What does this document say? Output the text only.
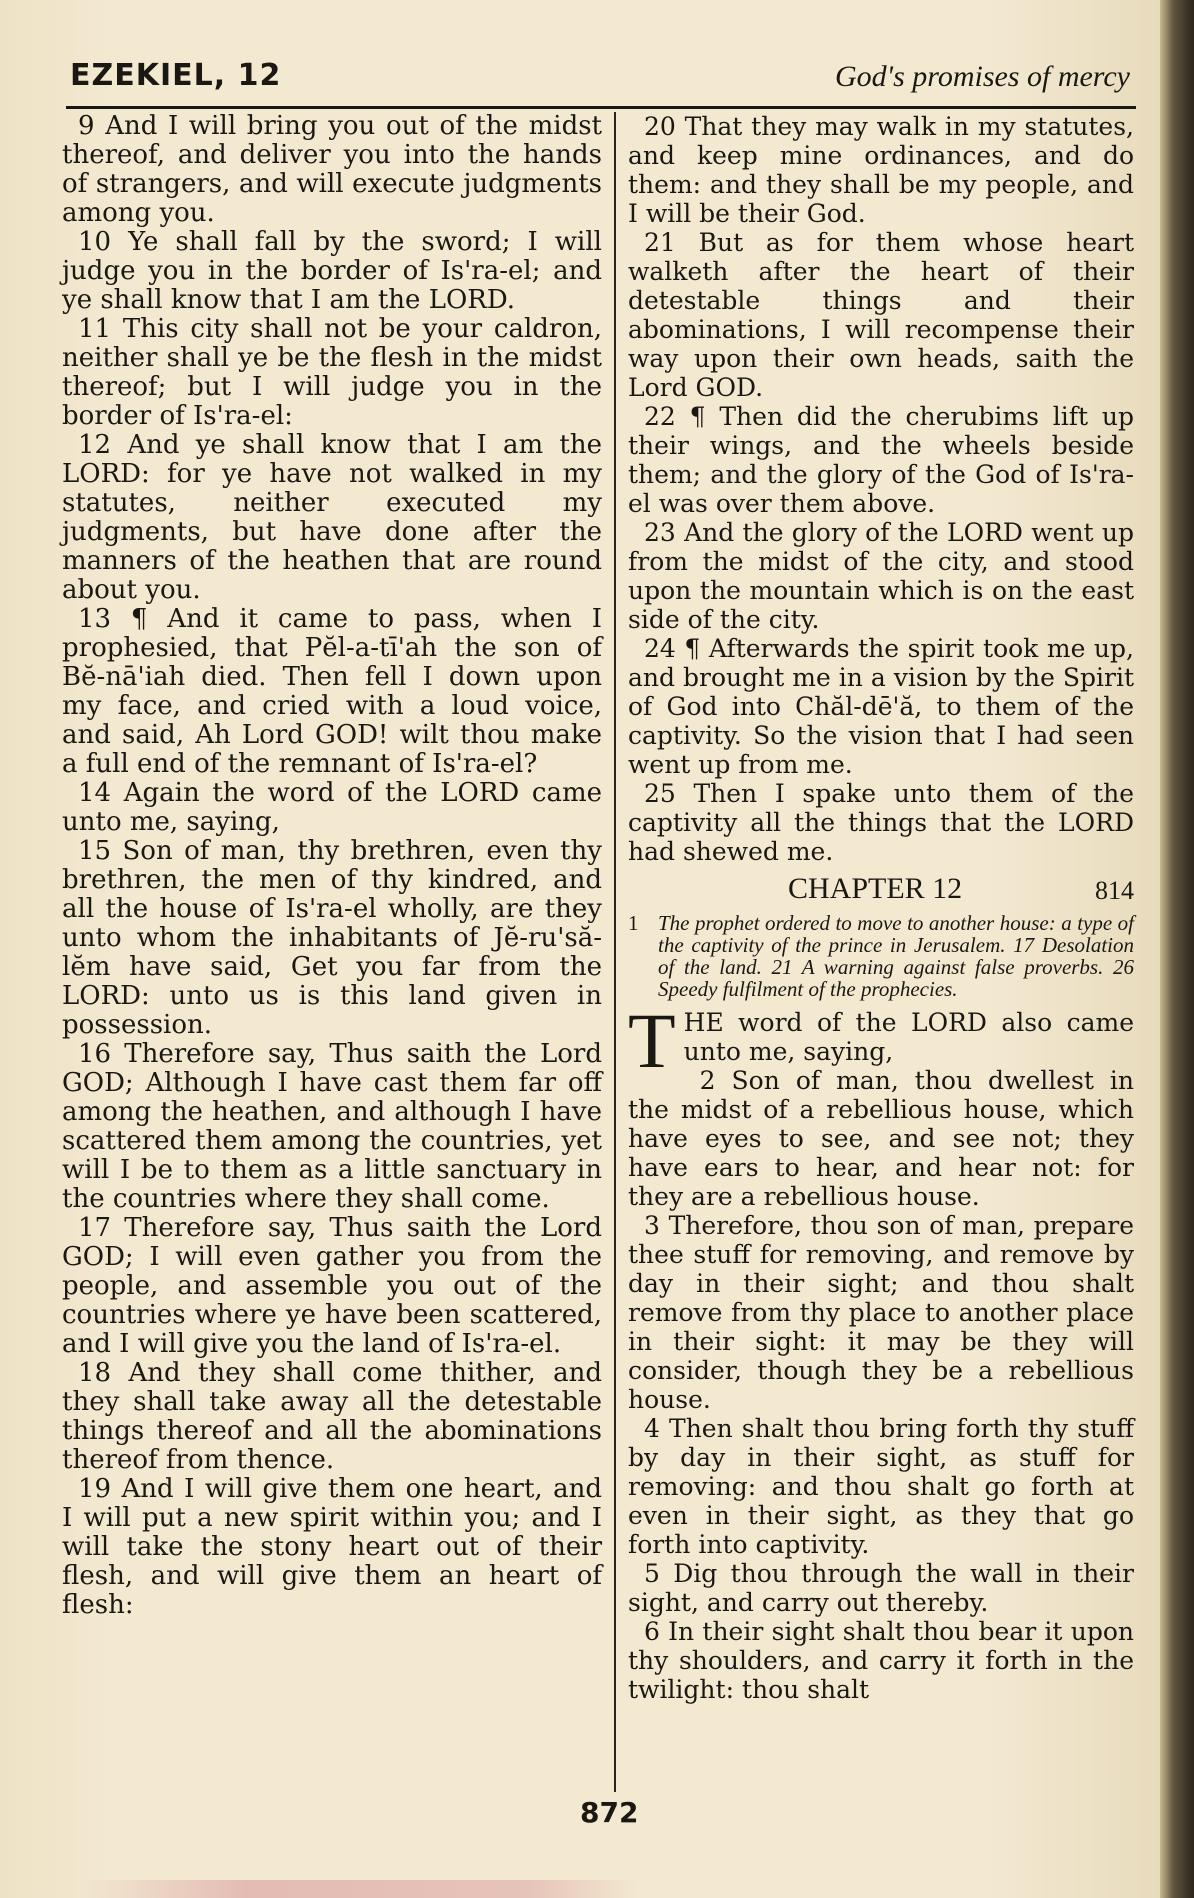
EZEKIEL, 12	God's promises of mercy

9 And I will bring you out of the midst thereof, and deliver you into the hands of strangers, and will execute judgments among you.

10 Ye shall fall by the sword; I will judge you in the border of Is'ra-el; and ye shall know that I am the LORD.

11 This city shall not be your caldron, neither shall ye be the flesh in the midst thereof; but I will judge you in the border of Is'ra-el:

12 And ye shall know that I am the LORD: for ye have not walked in my statutes, neither executed my judgments, but have done after the manners of the heathen that are round about you.

13 ¶ And it came to pass, when I prophesied, that Pĕl-a-tī'ah the son of Bĕ-nā'iah died. Then fell I down upon my face, and cried with a loud voice, and said, Ah Lord GOD! wilt thou make a full end of the remnant of Is'ra-el?

14 Again the word of the LORD came unto me, saying,

15 Son of man, thy brethren, even thy brethren, the men of thy kindred, and all the house of Is'ra-el wholly, are they unto whom the inhabitants of Jĕ-ru'să-lĕm have said, Get you far from the LORD: unto us is this land given in possession.

16 Therefore say, Thus saith the Lord GOD; Although I have cast them far off among the heathen, and although I have scattered them among the countries, yet will I be to them as a little sanctuary in the countries where they shall come.

17 Therefore say, Thus saith the Lord GOD; I will even gather you from the people, and assemble you out of the countries where ye have been scattered, and I will give you the land of Is'ra-el.

18 And they shall come thither, and they shall take away all the detestable things thereof and all the abominations thereof from thence.

19 And I will give them one heart, and I will put a new spirit within you; and I will take the stony heart out of their flesh, and will give them an heart of flesh:

20 That they may walk in my statutes, and keep mine ordinances, and do them: and they shall be my people, and I will be their God.

21 But as for them whose heart walketh after the heart of their detestable things and their abominations, I will recompense their way upon their own heads, saith the Lord GOD.

22 ¶ Then did the cherubims lift up their wings, and the wheels beside them; and the glory of the God of Is'ra-el was over them above.

23 And the glory of the LORD went up from the midst of the city, and stood upon the mountain which is on the east side of the city.

24 ¶ Afterwards the spirit took me up, and brought me in a vision by the Spirit of God into Chăl-dē'ă, to them of the captivity. So the vision that I had seen went up from me.

25 Then I spake unto them of the captivity all the things that the LORD had shewed me.

CHAPTER 12	814

1 The prophet ordered to move to another house: a type of the captivity of the prince in Jerusalem. 17 Desolation of the land. 21 A warning against false proverbs. 26 Speedy fulfilment of the prophecies.

THE word of the LORD also came unto me, saying,

2 Son of man, thou dwellest in the midst of a rebellious house, which have eyes to see, and see not; they have ears to hear, and hear not: for they are a rebellious house.

3 Therefore, thou son of man, prepare thee stuff for removing, and remove by day in their sight; and thou shalt remove from thy place to another place in their sight: it may be they will consider, though they be a rebellious house.

4 Then shalt thou bring forth thy stuff by day in their sight, as stuff for removing: and thou shalt go forth at even in their sight, as they that go forth into captivity.

5 Dig thou through the wall in their sight, and carry out thereby.

6 In their sight shalt thou bear it upon thy shoulders, and carry it forth in the twilight: thou shalt

872
